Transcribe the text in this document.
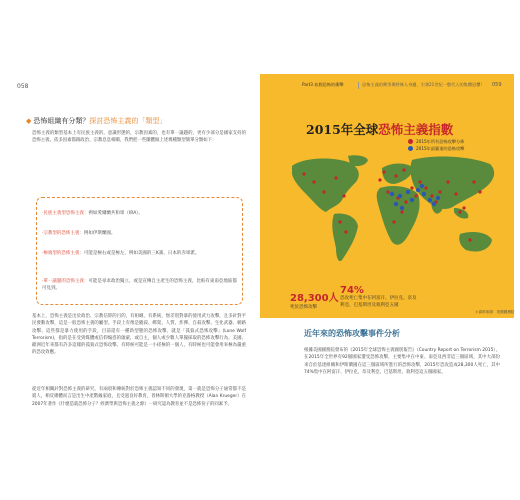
058
◆ 恐怖組織有分類？探討恐怖主義的「類型」
恐怖主義的類型基本上有民族主義的，意識形態的，宗教因素的，也有單一議題的，更有少部分是國家支持的恐怖主義。依多因素都跟政治、宗教息息相關，我們把一些團體做上述幾種類型簡單分類如下：
‧民族主義型恐怖主義：例如愛爾蘭共和軍（IRA）。
‧宗教型的恐怖主義：例如伊斯蘭國。
‧極端型的恐怖主義：可能是極右或是極左，例如美國的三K黨、日本的赤軍派。
‧單一議題的恐怖主義：可能是尋求政治獨立，或是宣傳自主產生的恐怖主義，比較有東南亞地區都可見到。
基本上，恐怖主義是出於政治、宗教信仰的目的，有組織，有系統，無差別對暴的使用武力攻擊，且多針對平民發動攻擊，這是一般恐怖主義的屬型。手段上有像是縱殺、綁架、人質、炸彈、自殺攻擊、生化武器、網路攻擊。這些都是暴力使用的手段，目前還有一種新型態的恐怖攻擊，就是「孤狼式恐怖攻擊」(Lone Wolf Terrorism)，指的是在受到媒體或信仰煽惑的啟蒙，或自主，個人或少數人單獨採取的恐怖攻擊行為，美國、歐洲近年來都有許多這樣的孤狼式恐怖攻擊，有時候可能是一小搓極的一個人，有時候也可能會用來極為嚴重的恐攻效應。
從近年相關針對恐怖主義的研究，有兩項和傳統對於恐怖主義認知不同的發現，第一就是恐怖分子通常都不是窮人，相反總體而言是出生中產階級家庭，且受過良好教育，普林斯頓大學的克魯格教授（Alan Krueger）在2007年著作《什麼造就恐怖分子？經濟學與恐怖主義之源》一研究認為教育並不是恐怖份子的同素予。
Part3 血腥恐怖的衝擊	恐怖主義的興爭與特殊人身邊，引發21世紀一整代人的集體恐懼！ 059
2015年全球恐怖主義指數
2015年所有恐怖攻擊分佈
2015年最嚴重的恐怖攻擊
28,300人
死於恐怖攻擊
74%
恐攻死亡集中在阿富汗、伊拉克、奈及利亞、巴基斯坦及敘利亞五國
＊資料來源：美國國務院
近年來的恐怖攻擊事件分析
根據美國國務院發布的《2015年全球恐怖主義國別報告》（Country Report on Terrorism 2015），在2015年全世界有92個國家遭受恐怖攻擊，主要集中在中東、南亞及西非這三個區域，其中大部份來自於基達組織和伊斯蘭國在這三個區域所進行的恐怖攻擊，2015年恐攻造成28,300人死亡，其中74%集中在阿富汗、伊拉克、奈及利亞、巴基斯坦、敘利亞這五個國家。
